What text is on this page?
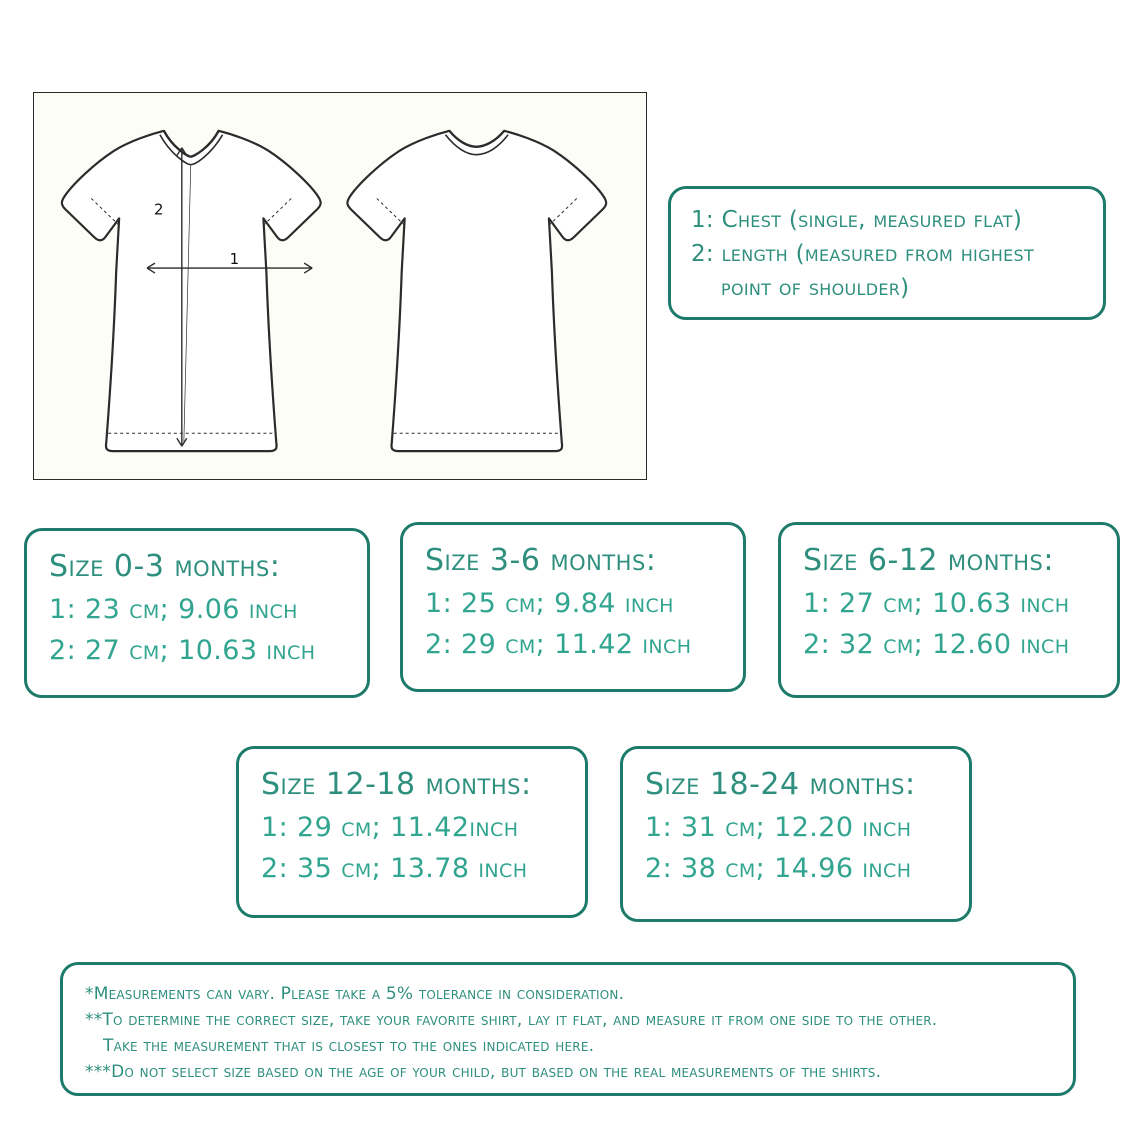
1
2	1: Chest (single, measured flat)
2: length (measured from highest
point of shoulder)
Size 0-3 months:
1: 23 cm; 9.06 inch
2: 27 cm; 10.63 inch
Size 3-6 months:
1: 25 cm; 9.84 inch
2: 29 cm; 11.42 inch
Size 6-12 months:
1: 27 cm; 10.63 inch
2: 32 cm; 12.60 inch
Size 12-18 months:
1: 29 cm; 11.42inch
2: 35 cm; 13.78 inch
Size 18-24 months:
1: 31 cm; 12.20 inch
2: 38 cm; 14.96 inch
*Measurements can vary. Please take a 5% tolerance in consideration.
**To determine the correct size, take your favorite shirt, lay it flat, and measure it from one side to the other.
Take the measurement that is closest to the ones indicated here.
***Do not select size based on the age of your child, but based on the real measurements of the shirts.
